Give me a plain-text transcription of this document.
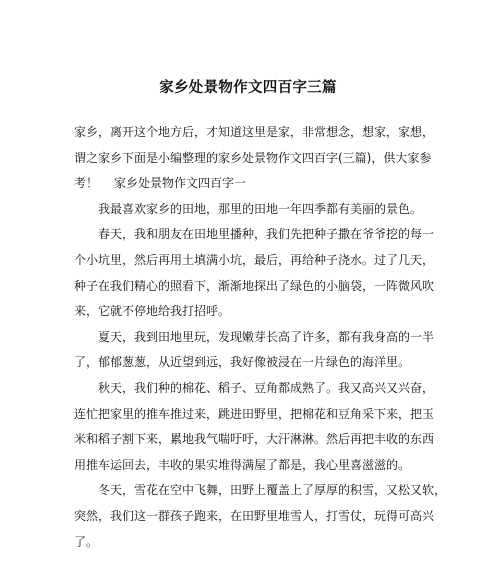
家乡处景物作文四百字三篇
家乡，离开这个地方后，才知道这里是家，非常想念，想家，家想，
谓之家乡下面是小编整理的家乡处景物作文四百字(三篇)，供大家参
考！ 家乡处景物作文四百字一
我最喜欢家乡的田地，那里的田地一年四季都有美丽的景色。
春天，我和朋友在田地里播种，我们先把种子撒在爷爷挖的每一
个小坑里，然后再用土填满小坑，最后，再给种子浇水。过了几天，
种子在我们精心的照看下，渐渐地探出了绿色的小脑袋，一阵微风吹
来，它就不停地给我打招呼。
夏天，我到田地里玩，发现嫩芽长高了许多，都有我身高的一半
了，郁郁葱葱，从近望到远，我好像被浸在一片绿色的海洋里。
秋天，我们种的棉花、稻子、豆角都成熟了。我又高兴又兴奋，
连忙把家里的推车推过来，跳进田野里，把棉花和豆角采下来，把玉
米和稻子割下来，累地我气喘吁吁，大汗淋淋。然后再把丰收的东西
用推车运回去，丰收的果实堆得满屋了都是，我心里喜滋滋的。
冬天，雪花在空中飞舞，田野上覆盖上了厚厚的积雪，又松又软，
突然，我们这一群孩子跑来，在田野里堆雪人，打雪仗，玩得可高兴
了。
